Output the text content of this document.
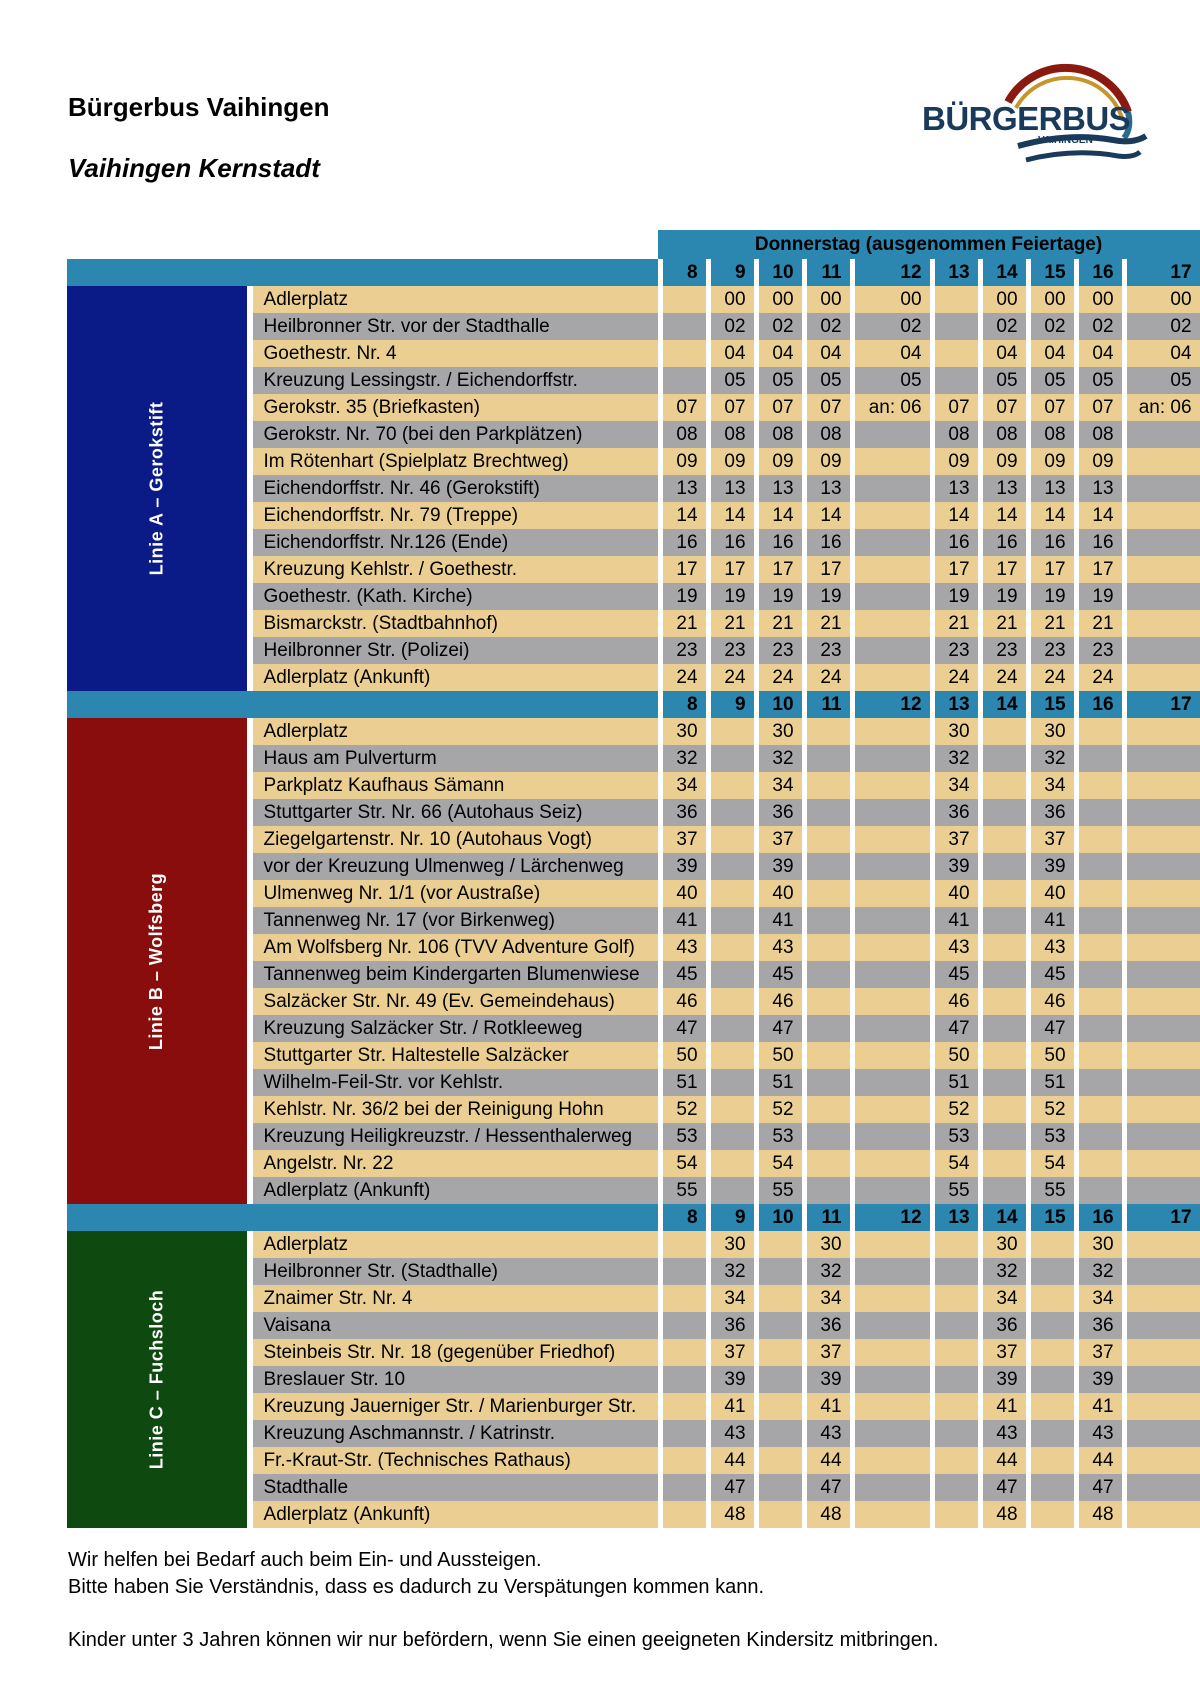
Bürgerbus Vaihingen
Vaihingen Kernstadt
BÜRGERBUS
VAIHINGEN
		Donnerstag (ausgenommen Feiertage)									
		8	9	10	11	12	13	14	15	16	17
Linie A – Gerokstift		Adlerplatz		00	00	00	00		00	00	00	00
	Heilbronner Str. vor der Stadthalle		02	02	02	02		02	02	02	02
	Goethestr. Nr. 4		04	04	04	04		04	04	04	04
	Kreuzung Lessingstr. / Eichendorffstr.		05	05	05	05		05	05	05	05
	Gerokstr. 35 (Briefkasten)	07	07	07	07	an: 06	07	07	07	07	an: 06
	Gerokstr. Nr. 70 (bei den Parkplätzen)	08	08	08	08		08	08	08	08	
	Im Rötenhart (Spielplatz Brechtweg)	09	09	09	09		09	09	09	09	
	Eichendorffstr. Nr. 46 (Gerokstift)	13	13	13	13		13	13	13	13	
	Eichendorffstr. Nr. 79 (Treppe)	14	14	14	14		14	14	14	14	
	Eichendorffstr. Nr.126 (Ende)	16	16	16	16		16	16	16	16	
	Kreuzung Kehlstr. / Goethestr.	17	17	17	17		17	17	17	17	
	Goethestr. (Kath. Kirche)	19	19	19	19		19	19	19	19	
	Bismarckstr. (Stadtbahnhof)	21	21	21	21		21	21	21	21	
	Heilbronner Str. (Polizei)	23	23	23	23		23	23	23	23	
	Adlerplatz (Ankunft)	24	24	24	24		24	24	24	24	
		8	9	10	11	12	13	14	15	16	17
Linie B – Wolfsberg		Adlerplatz	30		30			30		30		
	Haus am Pulverturm	32		32			32		32		
	Parkplatz Kaufhaus Sämann	34		34			34		34		
	Stuttgarter Str. Nr. 66 (Autohaus Seiz)	36		36			36		36		
	Ziegelgartenstr. Nr. 10 (Autohaus Vogt)	37		37			37		37		
	vor der Kreuzung Ulmenweg / Lärchenweg	39		39			39		39		
	Ulmenweg Nr. 1/1 (vor Austraße)	40		40			40		40		
	Tannenweg Nr. 17 (vor Birkenweg)	41		41			41		41		
	Am Wolfsberg Nr. 106 (TVV Adventure Golf)	43		43			43		43		
	Tannenweg beim Kindergarten Blumenwiese	45		45			45		45		
	Salzäcker Str. Nr. 49 (Ev. Gemeindehaus)	46		46			46		46		
	Kreuzung Salzäcker Str. / Rotkleeweg	47		47			47		47		
	Stuttgarter Str. Haltestelle Salzäcker	50		50			50		50		
	Wilhelm-Feil-Str. vor Kehlstr.	51		51			51		51		
	Kehlstr. Nr. 36/2 bei der Reinigung Hohn	52		52			52		52		
	Kreuzung Heiligkreuzstr. / Hessenthalerweg	53		53			53		53		
	Angelstr. Nr. 22	54		54			54		54		
	Adlerplatz (Ankunft)	55		55			55		55		
		8	9	10	11	12	13	14	15	16	17
Linie C – Fuchsloch		Adlerplatz		30		30			30		30	
	Heilbronner Str. (Stadthalle)		32		32			32		32	
	Znaimer Str. Nr. 4		34		34			34		34	
	Vaisana		36		36			36		36	
	Steinbeis Str. Nr. 18 (gegenüber Friedhof)		37		37			37		37	
	Breslauer Str. 10		39		39			39		39	
	Kreuzung Jauerniger Str. / Marienburger Str.		41		41			41		41	
	Kreuzung Aschmannstr. / Katrinstr.		43		43			43		43	
	Fr.-Kraut-Str. (Technisches Rathaus)		44		44			44		44	
	Stadthalle		47		47			47		47	
	Adlerplatz (Ankunft)		48		48			48		48	

Wir helfen bei Bedarf auch beim Ein- und Aussteigen.

Bitte haben Sie Verständnis, dass es dadurch zu Verspätungen kommen kann.

Kinder unter 3 Jahren können wir nur befördern, wenn Sie einen geeigneten Kindersitz mitbringen.
